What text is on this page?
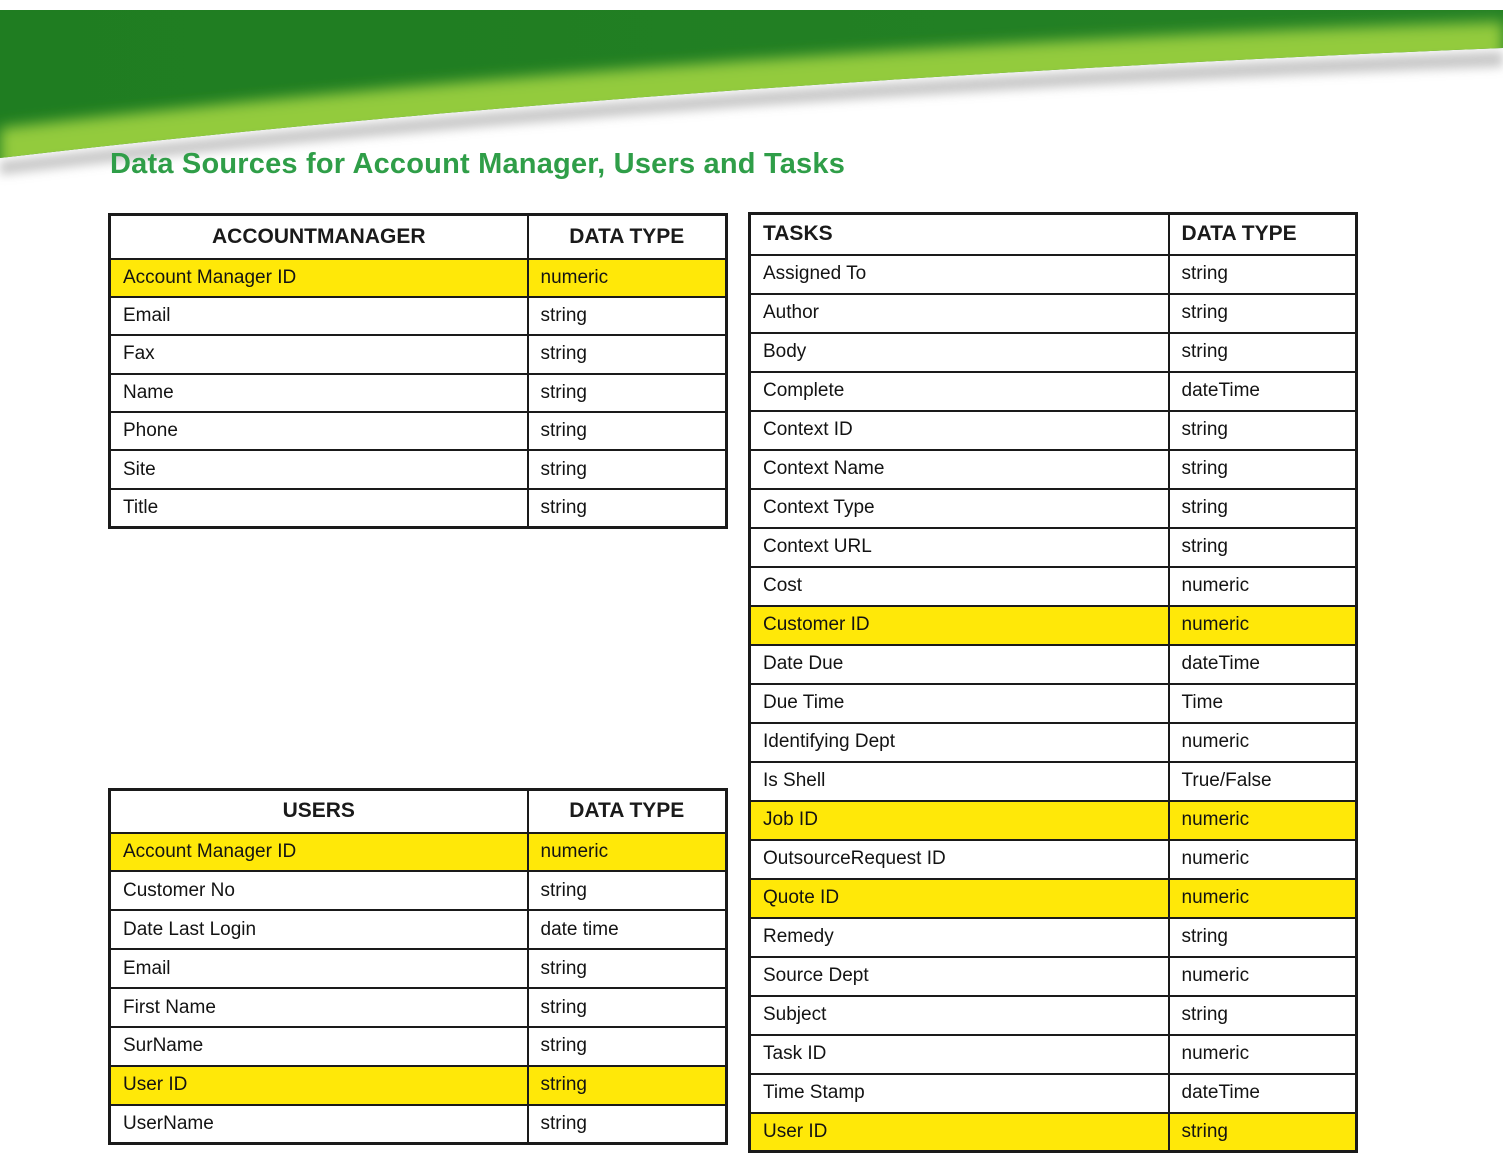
Data Sources for Account Manager, Users and Tasks
ACCOUNTMANAGER	DATA TYPE
Account Manager ID	numeric
Email	string
Fax	string
Name	string
Phone	string
Site	string
Title	string
USERS	DATA TYPE
Account Manager ID	numeric
Customer No	string
Date Last Login	date time
Email	string
First Name	string
SurName	string
User ID	string
UserName	string
TASKS	DATA TYPE
Assigned To	string
Author	string
Body	string
Complete	dateTime
Context ID	string
Context Name	string
Context Type	string
Context URL	string
Cost	numeric
Customer ID	numeric
Date Due	dateTime
Due Time	Time
Identifying Dept	numeric
Is Shell	True/False
Job ID	numeric
OutsourceRequest ID	numeric
Quote ID	numeric
Remedy	string
Source Dept	numeric
Subject	string
Task ID	numeric
Time Stamp	dateTime
User ID	string
